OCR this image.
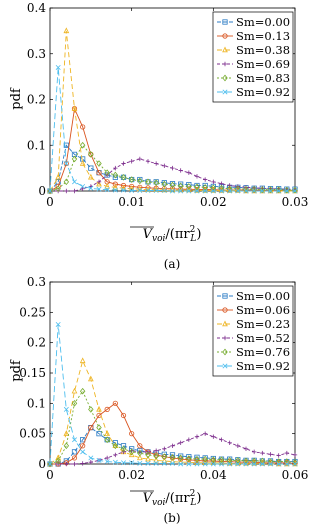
pdf
$V_{voi}/(\pi r^2$ L)
(a)
0	0.01	0.02	0.03
0
0.1
0.2
0.3
0.4
Sm=0.00
Sm=0.13
Sm=0.38
Sm=0.69
Sm=0.83
Sm=0.92
pdf
$V_{voi}/(\pi r^2$ L)
(b)
0	0.02	0.04	0.06
0
0.05
0.1
0.15
0.2
0.25
0.3
Sm=0.00
Sm=0.06
Sm=0.23
Sm=0.52
Sm=0.76
Sm=0.92
